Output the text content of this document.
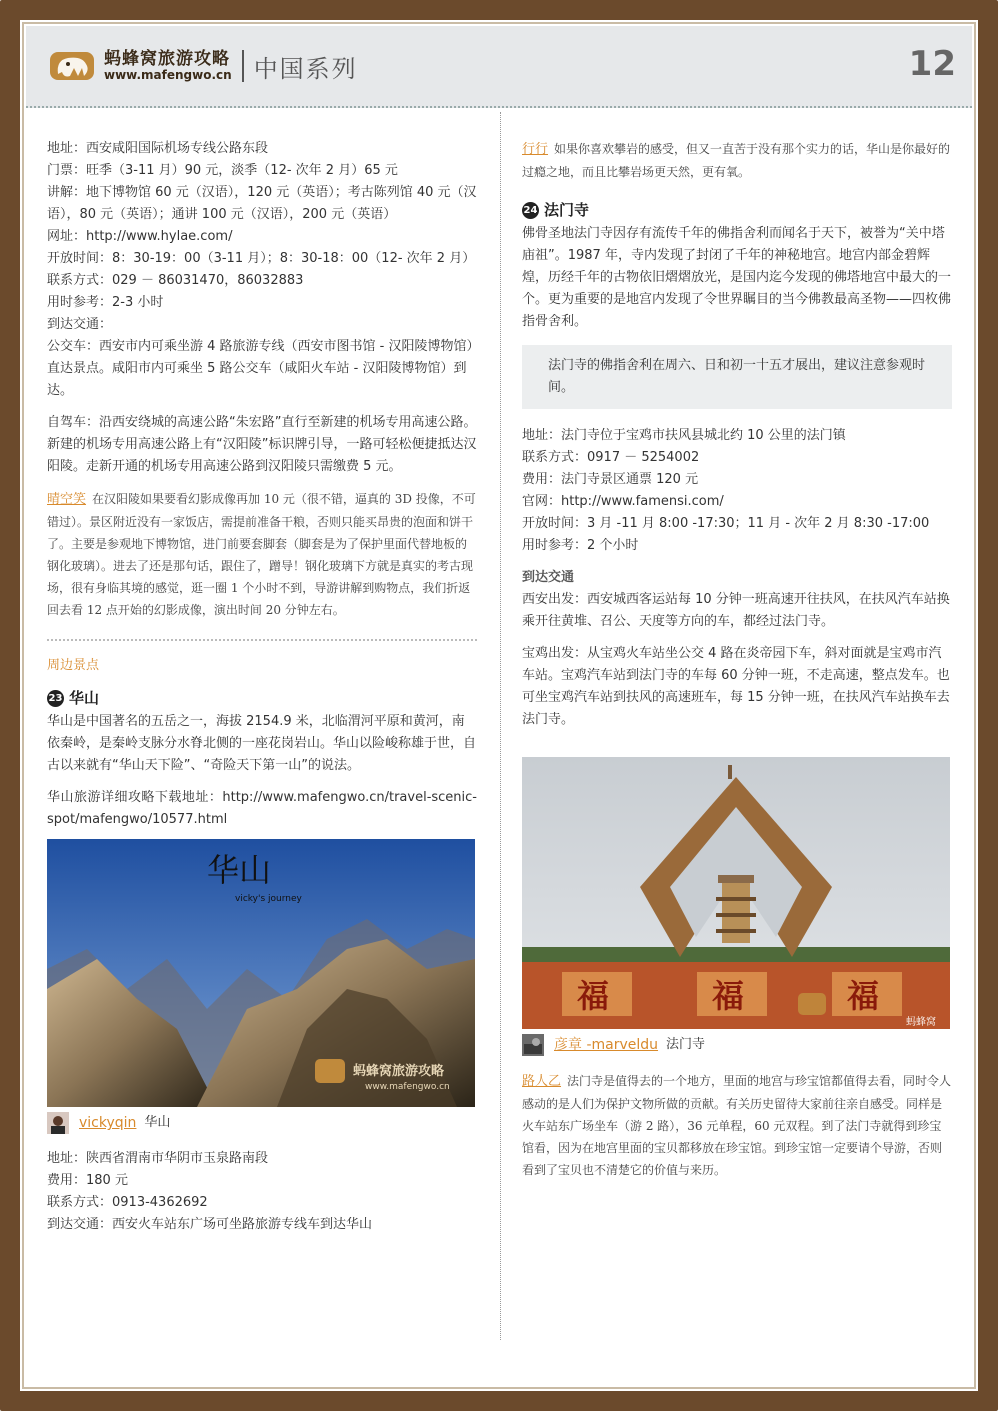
蚂蜂窝旅游攻略
www.mafengwo.cn 中国系列	12

地址：西安咸阳国际机场专线公路东段

门票：旺季（3-11 月）90 元，淡季（12- 次年 2 月）65 元

讲解：地下博物馆 60 元（汉语），120 元（英语）；考古陈列馆 40 元（汉语），80 元（英语）；通讲 100 元（汉语），200 元（英语）

网址：http://www.hylae.com/

开放时间：8：30-19：00（3-11 月）；8：30-18：00（12- 次年 2 月）

联系方式：029 － 86031470，86032883

用时参考：2-3 小时

到达交通：

公交车：西安市内可乘坐游 4 路旅游专线（西安市图书馆 - 汉阳陵博物馆）直达景点。咸阳市内可乘坐 5 路公交车（咸阳火车站 - 汉阳陵博物馆）到达。

自驾车：沿西安绕城的高速公路“朱宏路”直行至新建的机场专用高速公路。新建的机场专用高速公路上有“汉阳陵”标识牌引导，一路可轻松便捷抵达汉阳陵。走新开通的机场专用高速公路到汉阳陵只需缴费 5 元。

晴空笑 在汉阳陵如果要看幻影成像再加 10 元（很不错，逼真的 3D 投像，不可错过）。景区附近没有一家饭店，需提前准备干粮，否则只能买昂贵的泡面和饼干了。主要是参观地下博物馆，进门前要套脚套（脚套是为了保护里面代替地板的钢化玻璃）。进去了还是那句话，跟住了，蹭导！钢化玻璃下方就是真实的考古现场，很有身临其境的感觉，逛一圈 1 个小时不到，导游讲解到购物点，我们折返回去看 12 点开始的幻影成像，演出时间 20 分钟左右。

周边景点
23 华山

华山是中国著名的五岳之一，海拔 2154.9 米，北临渭河平原和黄河，南依秦岭，是秦岭支脉分水脊北侧的一座花岗岩山。华山以险峻称雄于世，自古以来就有“华山天下险”、“奇险天下第一山”的说法。

华山旅游详细攻略下载地址：http://www.mafengwo.cn/travel-scenic-spot/mafengwo/10577.html

华山
vicky's journey
蚂蜂窝旅游攻略
www.mafengwo.cn
vickyqin 华山

地址：陕西省渭南市华阴市玉泉路南段

费用：180 元

联系方式：0913-4362692

到达交通：西安火车站东广场可坐路旅游专线车到达华山

行行 如果你喜欢攀岩的感受，但又一直苦于没有那个实力的话，华山是你最好的过瘾之地，而且比攀岩场更天然，更有氧。

24 法门寺

佛骨圣地法门寺因存有流传千年的佛指舍利而闻名于天下，被誉为“关中塔庙祖”。1987 年，寺内发现了封闭了千年的神秘地宫。地宫内部金碧辉煌，历经千年的古物依旧熠熠放光，是国内迄今发现的佛塔地宫中最大的一个。更为重要的是地宫内发现了令世界瞩目的当今佛教最高圣物——四枚佛指骨舍利。

法门寺的佛指舍利在周六、日和初一十五才展出，建议注意参观时间。

地址：法门寺位于宝鸡市扶风县城北约 10 公里的法门镇

联系方式：0917 － 5254002

费用：法门寺景区通票 120 元

官网：http://www.famensi.com/

开放时间：3 月 -11 月 8:00 -17:30；11 月 - 次年 2 月 8:30 -17:00

用时参考：2 个小时

到达交通

西安出发：西安城西客运站每 10 分钟一班高速开往扶风，在扶风汽车站换乘开往黄堆、召公、天度等方向的车，都经过法门寺。

宝鸡出发：从宝鸡火车站坐公交 4 路在炎帝园下车，斜对面就是宝鸡市汽车站。宝鸡汽车站到法门寺的车每 60 分钟一班，不走高速，整点发车。也可坐宝鸡汽车站到扶风的高速班车，每 15 分钟一班，在扶风汽车站换车去法门寺。

福	福	福
蚂蜂窝
彦章 -marveldu 法门寺

路人乙 法门寺是值得去的一个地方，里面的地宫与珍宝馆都值得去看，同时令人感动的是人们为保护文物所做的贡献。有关历史留待大家前往亲自感受。同样是火车站东广场坐车（游 2 路），36 元单程，60 元双程。到了法门寺就得到珍宝馆看，因为在地宫里面的宝贝都移放在珍宝馆。到珍宝馆一定要请个导游，否则看到了宝贝也不清楚它的价值与来历。
